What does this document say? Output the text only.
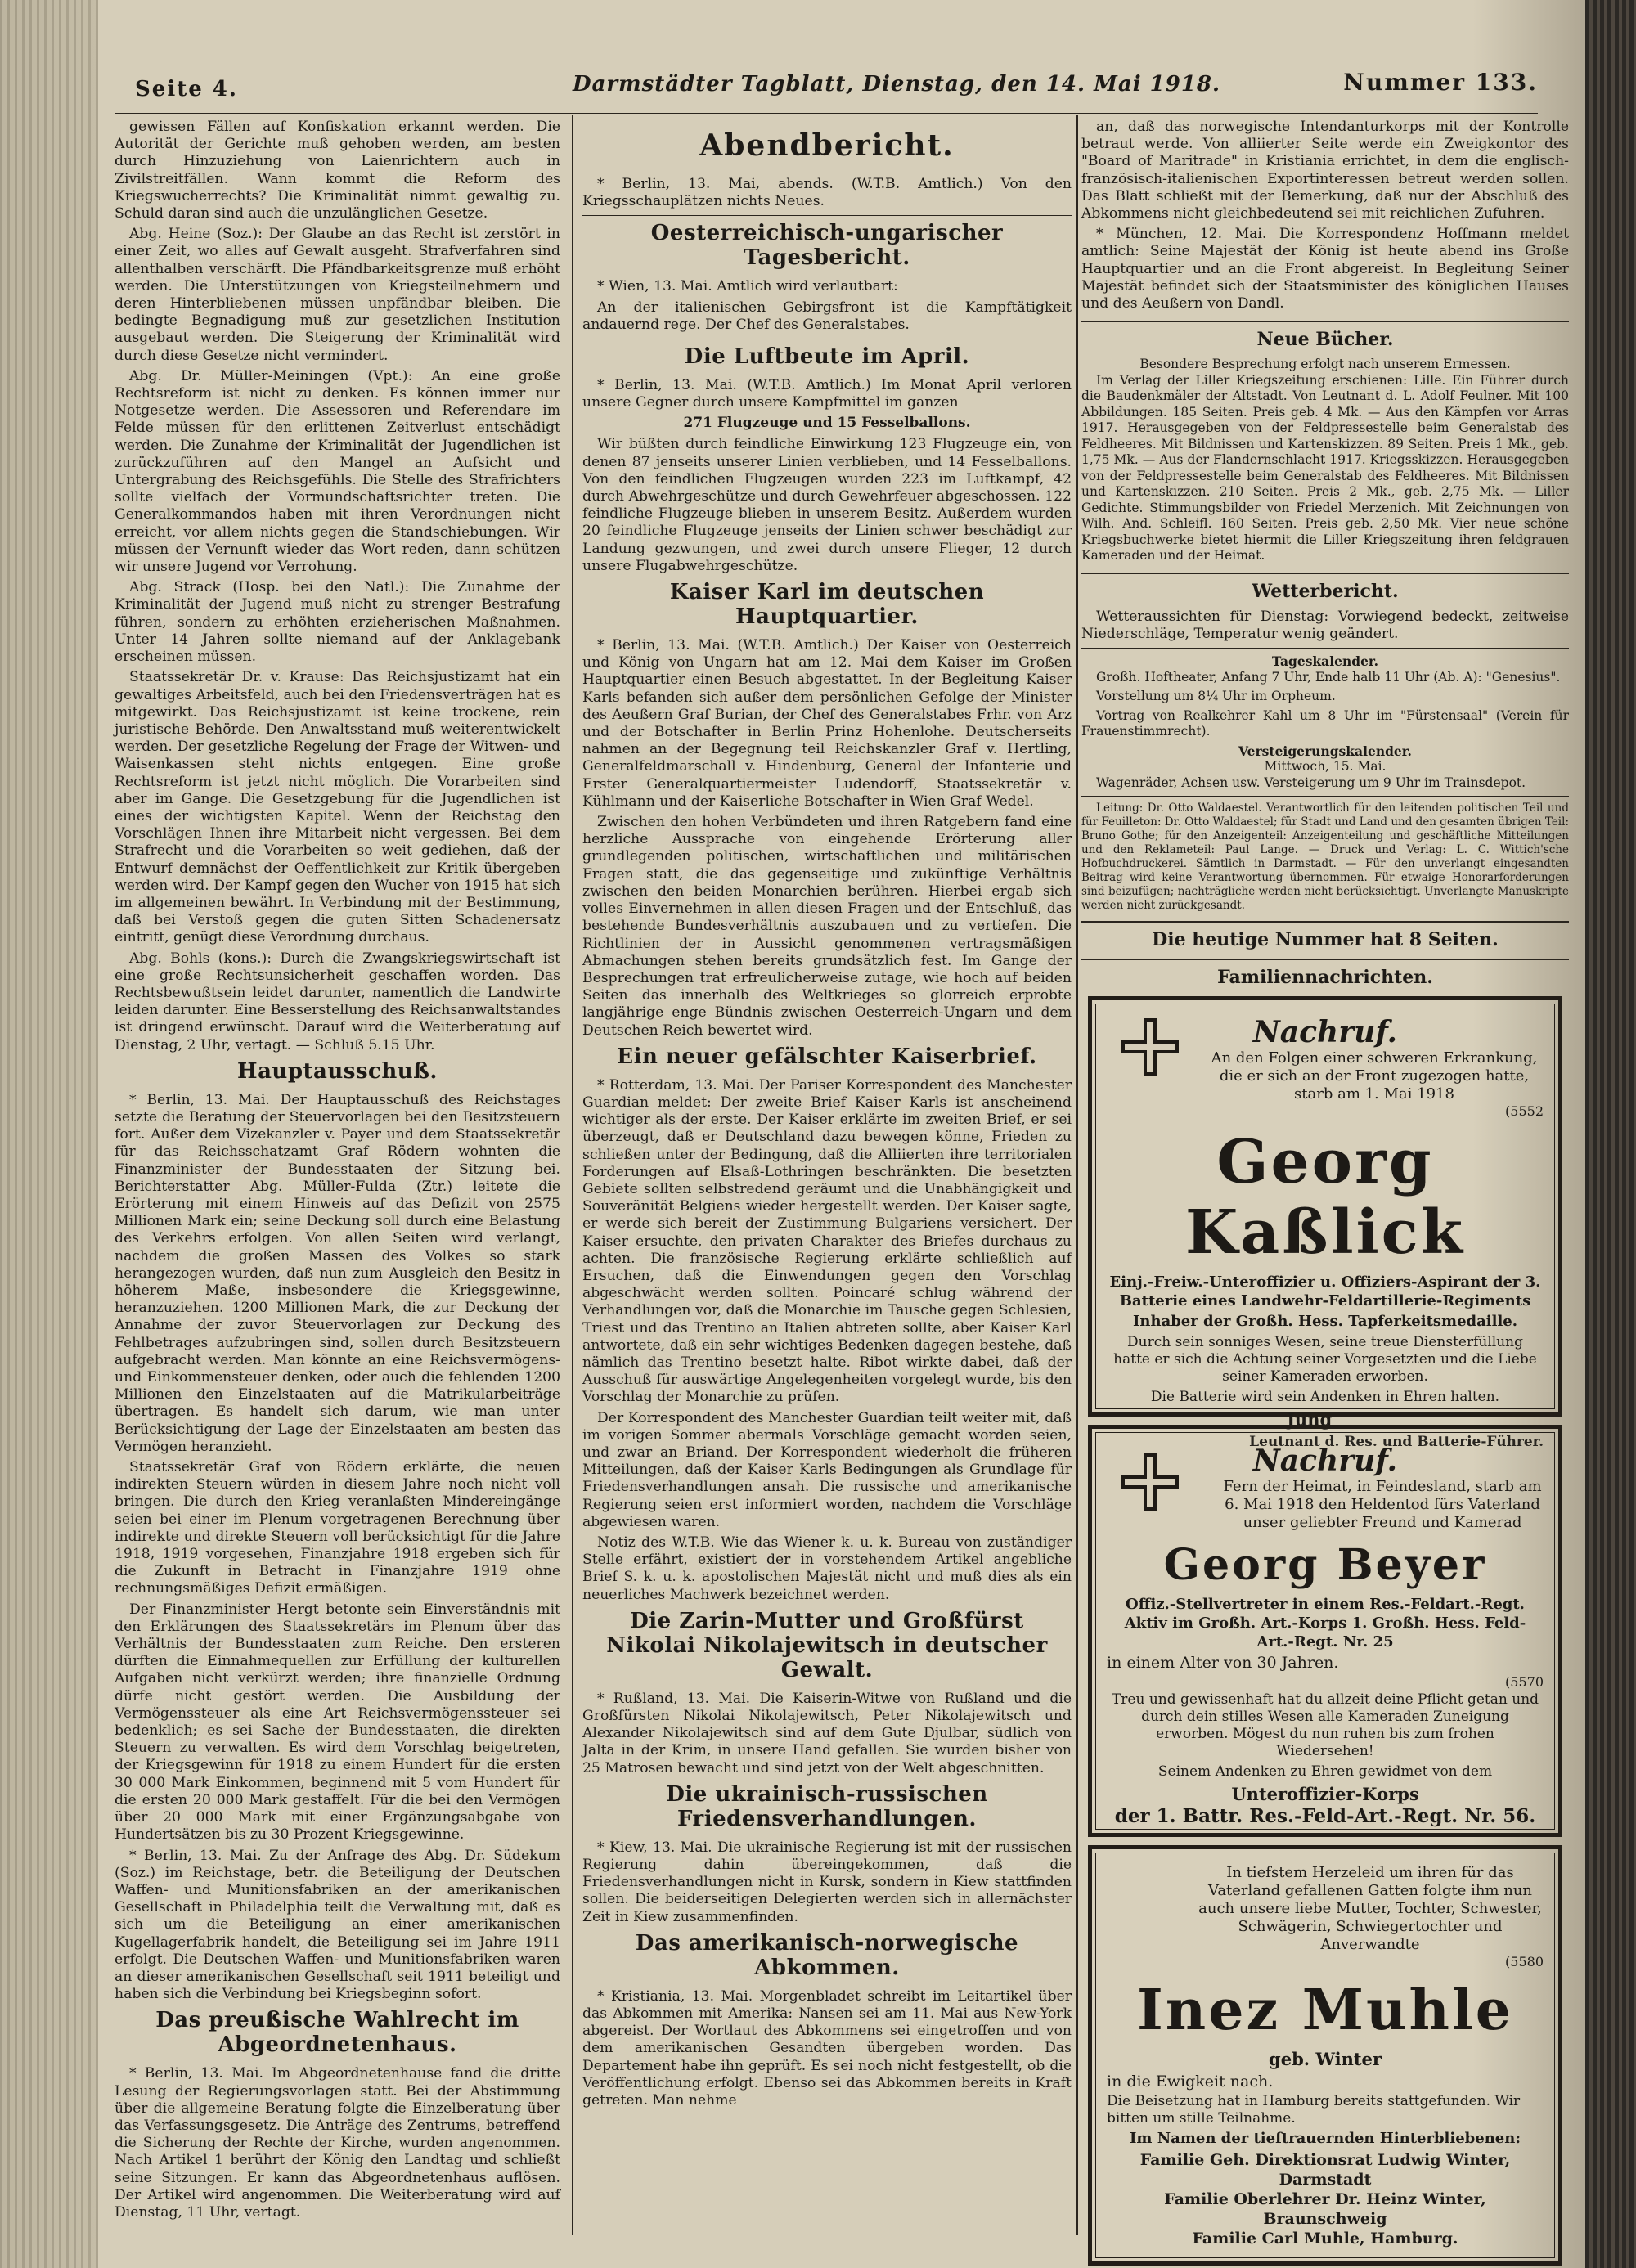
Seite 4.	Darmstädter Tagblatt, Dienstag, den 14. Mai 1918.	Nummer 133.

gewissen Fällen auf Konfiskation erkannt werden. Die Autorität der Gerichte muß gehoben werden, am besten durch Hinzuziehung von Laienrichtern auch in Zivilstreitfällen. Wann kommt die Reform des Kriegswucherrechts? Die Kriminalität nimmt gewaltig zu. Schuld daran sind auch die unzulänglichen Gesetze.

Abg. Heine (Soz.): Der Glaube an das Recht ist zerstört in einer Zeit, wo alles auf Gewalt ausgeht. Strafverfahren sind allenthalben verschärft. Die Pfändbarkeitsgrenze muß erhöht werden. Die Unterstützungen von Kriegsteilnehmern und deren Hinterbliebenen müssen unpfändbar bleiben. Die bedingte Begnadigung muß zur gesetzlichen Institution ausgebaut werden. Die Steigerung der Kriminalität wird durch diese Gesetze nicht vermindert.

Abg. Dr. Müller-Meiningen (Vpt.): An eine große Rechtsreform ist nicht zu denken. Es können immer nur Notgesetze werden. Die Assessoren und Referendare im Felde müssen für den erlittenen Zeitverlust entschädigt werden. Die Zunahme der Kriminalität der Jugendlichen ist zurückzuführen auf den Mangel an Aufsicht und Untergrabung des Reichsgefühls. Die Stelle des Strafrichters sollte vielfach der Vormundschaftsrichter treten. Die Generalkommandos haben mit ihren Verordnungen nicht erreicht, vor allem nichts gegen die Standschiebungen. Wir müssen der Vernunft wieder das Wort reden, dann schützen wir unsere Jugend vor Verrohung.

Abg. Strack (Hosp. bei den Natl.): Die Zunahme der Kriminalität der Jugend muß nicht zu strenger Bestrafung führen, sondern zu erhöhten erzieherischen Maßnahmen. Unter 14 Jahren sollte niemand auf der Anklagebank erscheinen müssen.

Staatssekretär Dr. v. Krause: Das Reichsjustizamt hat ein gewaltiges Arbeitsfeld, auch bei den Friedensverträgen hat es mitgewirkt. Das Reichsjustizamt ist keine trockene, rein juristische Behörde. Den Anwaltsstand muß weiterentwickelt werden. Der gesetzliche Regelung der Frage der Witwen- und Waisenkassen steht nichts entgegen. Eine große Rechtsreform ist jetzt nicht möglich. Die Vorarbeiten sind aber im Gange. Die Gesetzgebung für die Jugendlichen ist eines der wichtigsten Kapitel. Wenn der Reichstag den Vorschlägen Ihnen ihre Mitarbeit nicht vergessen. Bei dem Strafrecht und die Vorarbeiten so weit gediehen, daß der Entwurf demnächst der Oeffentlichkeit zur Kritik übergeben werden wird. Der Kampf gegen den Wucher von 1915 hat sich im allgemeinen bewährt. In Verbindung mit der Bestimmung, daß bei Verstoß gegen die guten Sitten Schadenersatz eintritt, genügt diese Verordnung durchaus.

Abg. Bohls (kons.): Durch die Zwangskriegswirtschaft ist eine große Rechtsunsicherheit geschaffen worden. Das Rechtsbewußtsein leidet darunter, namentlich die Landwirte leiden darunter. Eine Besserstellung des Reichsanwaltstandes ist dringend erwünscht. Darauf wird die Weiterberatung auf Dienstag, 2 Uhr, vertagt. — Schluß 5.15 Uhr.

Hauptausschuß.

* Berlin, 13. Mai. Der Hauptausschuß des Reichstages setzte die Beratung der Steuervorlagen bei den Besitzsteuern fort. Außer dem Vizekanzler v. Payer und dem Staatssekretär für das Reichsschatzamt Graf Rödern wohnten die Finanzminister der Bundesstaaten der Sitzung bei. Berichterstatter Abg. Müller-Fulda (Ztr.) leitete die Erörterung mit einem Hinweis auf das Defizit von 2575 Millionen Mark ein; seine Deckung soll durch eine Belastung des Verkehrs erfolgen. Von allen Seiten wird verlangt, nachdem die großen Massen des Volkes so stark herangezogen wurden, daß nun zum Ausgleich den Besitz in höherem Maße, insbesondere die Kriegsgewinne, heranzuziehen. 1200 Millionen Mark, die zur Deckung der Annahme der zuvor Steuervorlagen zur Deckung des Fehlbetrages aufzubringen sind, sollen durch Besitzsteuern aufgebracht werden. Man könnte an eine Reichsvermögens- und Einkommensteuer denken, oder auch die fehlenden 1200 Millionen den Einzelstaaten auf die Matrikularbeiträge übertragen. Es handelt sich darum, wie man unter Berücksichtigung der Lage der Einzelstaaten am besten das Vermögen heranzieht.

Staatssekretär Graf von Rödern erklärte, die neuen indirekten Steuern würden in diesem Jahre noch nicht voll bringen. Die durch den Krieg veranlaßten Mindereingänge seien bei einer im Plenum vorgetragenen Berechnung über indirekte und direkte Steuern voll berücksichtigt für die Jahre 1918, 1919 vorgesehen, Finanzjahre 1918 ergeben sich für die Zukunft in Betracht in Finanzjahre 1919 ohne rechnungsmäßiges Defizit ermäßigen.

Der Finanzminister Hergt betonte sein Einverständnis mit den Erklärungen des Staatssekretärs im Plenum über das Verhältnis der Bundesstaaten zum Reiche. Den ersteren dürften die Einnahmequellen zur Erfüllung der kulturellen Aufgaben nicht verkürzt werden; ihre finanzielle Ordnung dürfe nicht gestört werden. Die Ausbildung der Vermögenssteuer als eine Art Reichsvermögenssteuer sei bedenklich; es sei Sache der Bundesstaaten, die direkten Steuern zu verwalten. Es wird dem Vorschlag beigetreten, der Kriegsgewinn für 1918 zu einem Hundert für die ersten 30 000 Mark Einkommen, beginnend mit 5 vom Hundert für die ersten 20 000 Mark gestaffelt. Für die bei den Vermögen über 20 000 Mark mit einer Ergänzungsabgabe von Hundertsätzen bis zu 30 Prozent Kriegsgewinne.

* Berlin, 13. Mai. Zu der Anfrage des Abg. Dr. Südekum (Soz.) im Reichstage, betr. die Beteiligung der Deutschen Waffen- und Munitionsfabriken an der amerikanischen Gesellschaft in Philadelphia teilt die Verwaltung mit, daß es sich um die Beteiligung an einer amerikanischen Kugellagerfabrik handelt, die Beteiligung sei im Jahre 1911 erfolgt. Die Deutschen Waffen- und Munitionsfabriken waren an dieser amerikanischen Gesellschaft seit 1911 beteiligt und haben sich die Verbindung bei Kriegsbeginn sofort.

Das preußische Wahlrecht im Abgeordnetenhaus.

* Berlin, 13. Mai. Im Abgeordnetenhause fand die dritte Lesung der Regierungsvorlagen statt. Bei der Abstimmung über die allgemeine Beratung folgte die Einzelberatung über das Verfassungsgesetz. Die Anträge des Zentrums, betreffend die Sicherung der Rechte der Kirche, wurden angenommen. Nach Artikel 1 berührt der König den Landtag und schließt seine Sitzungen. Er kann das Abgeordnetenhaus auflösen. Der Artikel wird angenommen. Die Weiterberatung wird auf Dienstag, 11 Uhr, vertagt.

Abendbericht.

* Berlin, 13. Mai, abends. (W.T.B. Amtlich.) Von den Kriegsschauplätzen nichts Neues.

Oesterreichisch-ungarischer Tagesbericht.

* Wien, 13. Mai. Amtlich wird verlautbart:

An der italienischen Gebirgsfront ist die Kampftätigkeit andauernd rege. Der Chef des Generalstabes.

Die Luftbeute im April.

* Berlin, 13. Mai. (W.T.B. Amtlich.) Im Monat April verloren unsere Gegner durch unsere Kampfmittel im ganzen

271 Flugzeuge und 15 Fesselballons.

Wir büßten durch feindliche Einwirkung 123 Flugzeuge ein, von denen 87 jenseits unserer Linien verblieben, und 14 Fesselballons. Von den feindlichen Flugzeugen wurden 223 im Luftkampf, 42 durch Abwehrgeschütze und durch Gewehrfeuer abgeschossen. 122 feindliche Flugzeuge blieben in unserem Besitz. Außerdem wurden 20 feindliche Flugzeuge jenseits der Linien schwer beschädigt zur Landung gezwungen, und zwei durch unsere Flieger, 12 durch unsere Flugabwehrgeschütze.

Kaiser Karl im deutschen Hauptquartier.

* Berlin, 13. Mai. (W.T.B. Amtlich.) Der Kaiser von Oesterreich und König von Ungarn hat am 12. Mai dem Kaiser im Großen Hauptquartier einen Besuch abgestattet. In der Begleitung Kaiser Karls befanden sich außer dem persönlichen Gefolge der Minister des Aeußern Graf Burian, der Chef des Generalstabes Frhr. von Arz und der Botschafter in Berlin Prinz Hohenlohe. Deutscherseits nahmen an der Begegnung teil Reichskanzler Graf v. Hertling, Generalfeldmarschall v. Hindenburg, General der Infanterie und Erster Generalquartiermeister Ludendorff, Staatssekretär v. Kühlmann und der Kaiserliche Botschafter in Wien Graf Wedel.

Zwischen den hohen Verbündeten und ihren Ratgebern fand eine herzliche Aussprache von eingehende Erörterung aller grundlegenden politischen, wirtschaftlichen und militärischen Fragen statt, die das gegenseitige und zukünftige Verhältnis zwischen den beiden Monarchien berühren. Hierbei ergab sich volles Einvernehmen in allen diesen Fragen und der Entschluß, das bestehende Bundesverhältnis auszubauen und zu vertiefen. Die Richtlinien der in Aussicht genommenen vertragsmäßigen Abmachungen stehen bereits grundsätzlich fest. Im Gange der Besprechungen trat erfreulicherweise zutage, wie hoch auf beiden Seiten das innerhalb des Weltkrieges so glorreich erprobte langjährige enge Bündnis zwischen Oesterreich-Ungarn und dem Deutschen Reich bewertet wird.

Ein neuer gefälschter Kaiserbrief.

* Rotterdam, 13. Mai. Der Pariser Korrespondent des Manchester Guardian meldet: Der zweite Brief Kaiser Karls ist anscheinend wichtiger als der erste. Der Kaiser erklärte im zweiten Brief, er sei überzeugt, daß er Deutschland dazu bewegen könne, Frieden zu schließen unter der Bedingung, daß die Alliierten ihre territorialen Forderungen auf Elsaß-Lothringen beschränkten. Die besetzten Gebiete sollten selbstredend geräumt und die Unabhängigkeit und Souveränität Belgiens wieder hergestellt werden. Der Kaiser sagte, er werde sich bereit der Zustimmung Bulgariens versichert. Der Kaiser ersuchte, den privaten Charakter des Briefes durchaus zu achten. Die französische Regierung erklärte schließlich auf Ersuchen, daß die Einwendungen gegen den Vorschlag abgeschwächt werden sollten. Poincaré schlug während der Verhandlungen vor, daß die Monarchie im Tausche gegen Schlesien, Triest und das Trentino an Italien abtreten sollte, aber Kaiser Karl antwortete, daß ein sehr wichtiges Bedenken dagegen bestehe, daß nämlich das Trentino besetzt halte. Ribot wirkte dabei, daß der Ausschuß für auswärtige Angelegenheiten vorgelegt wurde, bis den Vorschlag der Monarchie zu prüfen.

Der Korrespondent des Manchester Guardian teilt weiter mit, daß im vorigen Sommer abermals Vorschläge gemacht worden seien, und zwar an Briand. Der Korrespondent wiederholt die früheren Mitteilungen, daß der Kaiser Karls Bedingungen als Grundlage für Friedensverhandlungen ansah. Die russische und amerikanische Regierung seien erst informiert worden, nachdem die Vorschläge abgewiesen waren.

Notiz des W.T.B. Wie das Wiener k. u. k. Bureau von zuständiger Stelle erfährt, existiert der in vorstehendem Artikel angebliche Brief S. k. u. k. apostolischen Majestät nicht und muß dies als ein neuerliches Machwerk bezeichnet werden.

Die Zarin-Mutter und Großfürst Nikolai Nikolajewitsch in deutscher Gewalt.

* Rußland, 13. Mai. Die Kaiserin-Witwe von Rußland und die Großfürsten Nikolai Nikolajewitsch, Peter Nikolajewitsch und Alexander Nikolajewitsch sind auf dem Gute Djulbar, südlich von Jalta in der Krim, in unsere Hand gefallen. Sie wurden bisher von 25 Matrosen bewacht und sind jetzt von der Welt abgeschnitten.

Die ukrainisch-russischen Friedensverhandlungen.

* Kiew, 13. Mai. Die ukrainische Regierung ist mit der russischen Regierung dahin übereingekommen, daß die Friedensverhandlungen nicht in Kursk, sondern in Kiew stattfinden sollen. Die beiderseitigen Delegierten werden sich in allernächster Zeit in Kiew zusammenfinden.

Das amerikanisch-norwegische Abkommen.

* Kristiania, 13. Mai. Morgenbladet schreibt im Leitartikel über das Abkommen mit Amerika: Nansen sei am 11. Mai aus New-York abgereist. Der Wortlaut des Abkommens sei eingetroffen und von dem amerikanischen Gesandten übergeben worden. Das Departement habe ihn geprüft. Es sei noch nicht festgestellt, ob die Veröffentlichung erfolgt. Ebenso sei das Abkommen bereits in Kraft getreten. Man nehme

an, daß das norwegische Intendanturkorps mit der Kontrolle betraut werde. Von alliierter Seite werde ein Zweigkontor des "Board of Maritrade" in Kristiania errichtet, in dem die englisch-französisch-italienischen Exportinteressen betreut werden sollen. Das Blatt schließt mit der Bemerkung, daß nur der Abschluß des Abkommens nicht gleichbedeutend sei mit reichlichen Zufuhren.

* München, 12. Mai. Die Korrespondenz Hoffmann meldet amtlich: Seine Majestät der König ist heute abend ins Große Hauptquartier und an die Front abgereist. In Begleitung Seiner Majestät befindet sich der Staatsminister des königlichen Hauses und des Aeußern von Dandl.

Neue Bücher.
Besondere Besprechung erfolgt nach unserem Ermessen.

Im Verlag der Liller Kriegszeitung erschienen: Lille. Ein Führer durch die Baudenkmäler der Altstadt. Von Leutnant d. L. Adolf Feulner. Mit 100 Abbildungen. 185 Seiten. Preis geb. 4 Mk. — Aus den Kämpfen vor Arras 1917. Herausgegeben von der Feldpressestelle beim Generalstab des Feldheeres. Mit Bildnissen und Kartenskizzen. 89 Seiten. Preis 1 Mk., geb. 1,75 Mk. — Aus der Flandernschlacht 1917. Kriegsskizzen. Herausgegeben von der Feldpressestelle beim Generalstab des Feldheeres. Mit Bildnissen und Kartenskizzen. 210 Seiten. Preis 2 Mk., geb. 2,75 Mk. — Liller Gedichte. Stimmungsbilder von Friedel Merzenich. Mit Zeichnungen von Wilh. And. Schleifl. 160 Seiten. Preis geb. 2,50 Mk. Vier neue schöne Kriegsbuchwerke bietet hiermit die Liller Kriegszeitung ihren feldgrauen Kameraden und der Heimat.

Wetterbericht.

Wetteraussichten für Dienstag: Vorwiegend bedeckt, zeitweise Niederschläge, Temperatur wenig geändert.

Tageskalender.

Großh. Hoftheater, Anfang 7 Uhr, Ende halb 11 Uhr (Ab. A): "Genesius".

Vorstellung um 8¼ Uhr im Orpheum.

Vortrag von Realkehrer Kahl um 8 Uhr im "Fürstensaal" (Verein für Frauenstimmrecht).

Versteigerungskalender.
Mittwoch, 15. Mai.

Wagenräder, Achsen usw. Versteigerung um 9 Uhr im Trainsdepot.

Leitung: Dr. Otto Waldaestel. Verantwortlich für den leitenden politischen Teil und für Feuilleton: Dr. Otto Waldaestel; für Stadt und Land und den gesamten übrigen Teil: Bruno Gothe; für den Anzeigenteil: Anzeigenteilung und geschäftliche Mitteilungen und den Reklameteil: Paul Lange. — Druck und Verlag: L. C. Wittich'sche Hofbuchdruckerei. Sämtlich in Darmstadt. — Für den unverlangt eingesandten Beitrag wird keine Verantwortung übernommen. Für etwaige Honorarforderungen sind beizufügen; nachträgliche werden nicht berücksichtigt. Unverlangte Manuskripte werden nicht zurückgesandt.

Die heutige Nummer hat 8 Seiten.
Familiennachrichten.
Nachruf.
An den Folgen einer schweren Erkrankung, die er sich an der Front zugezogen hatte, starb am 1. Mai 1918
(5552
Georg Kaßlick
Einj.-Freiw.-Unteroffizier u. Offiziers-Aspirant der 3. Batterie eines Landwehr-Feldartillerie-Regiments
Inhaber der Großh. Hess. Tapferkeitsmedaille.
Durch sein sonniges Wesen, seine treue Diensterfüllung hatte er sich die Achtung seiner Vorgesetzten und die Liebe seiner Kameraden erworben.
Die Batterie wird sein Andenken in Ehren halten.
Jung
Leutnant d. Res. und Batterie-Führer.
Nachruf.
Fern der Heimat, in Feindesland, starb am 6. Mai 1918 den Heldentod fürs Vaterland unser geliebter Freund und Kamerad
Georg Beyer
Offiz.-Stellvertreter in einem Res.-Feldart.-Regt. Aktiv im Großh. Art.-Korps 1. Großh. Hess. Feld-Art.-Regt. Nr. 25
in einem Alter von 30 Jahren.
(5570
Treu und gewissenhaft hat du allzeit deine Pflicht getan und durch dein stilles Wesen alle Kameraden Zuneigung erworben. Mögest du nun ruhen bis zum frohen Wiedersehen!
Seinem Andenken zu Ehren gewidmet von dem
Unteroffizier-Korps
der 1. Battr. Res.-Feld-Art.-Regt. Nr. 56.
In tiefstem Herzeleid um ihren für das Vaterland gefallenen Gatten folgte ihm nun auch unsere liebe Mutter, Tochter, Schwester, Schwägerin, Schwiegertochter und Anverwandte
(5580
Inez Muhle
geb. Winter
in die Ewigkeit nach.
Die Beisetzung hat in Hamburg bereits stattgefunden. Wir bitten um stille Teilnahme.
Im Namen der tieftrauernden Hinterbliebenen:
Familie Geh. Direktionsrat Ludwig Winter, Darmstadt
Familie Oberlehrer Dr. Heinz Winter, Braunschweig
Familie Carl Muhle, Hamburg.
